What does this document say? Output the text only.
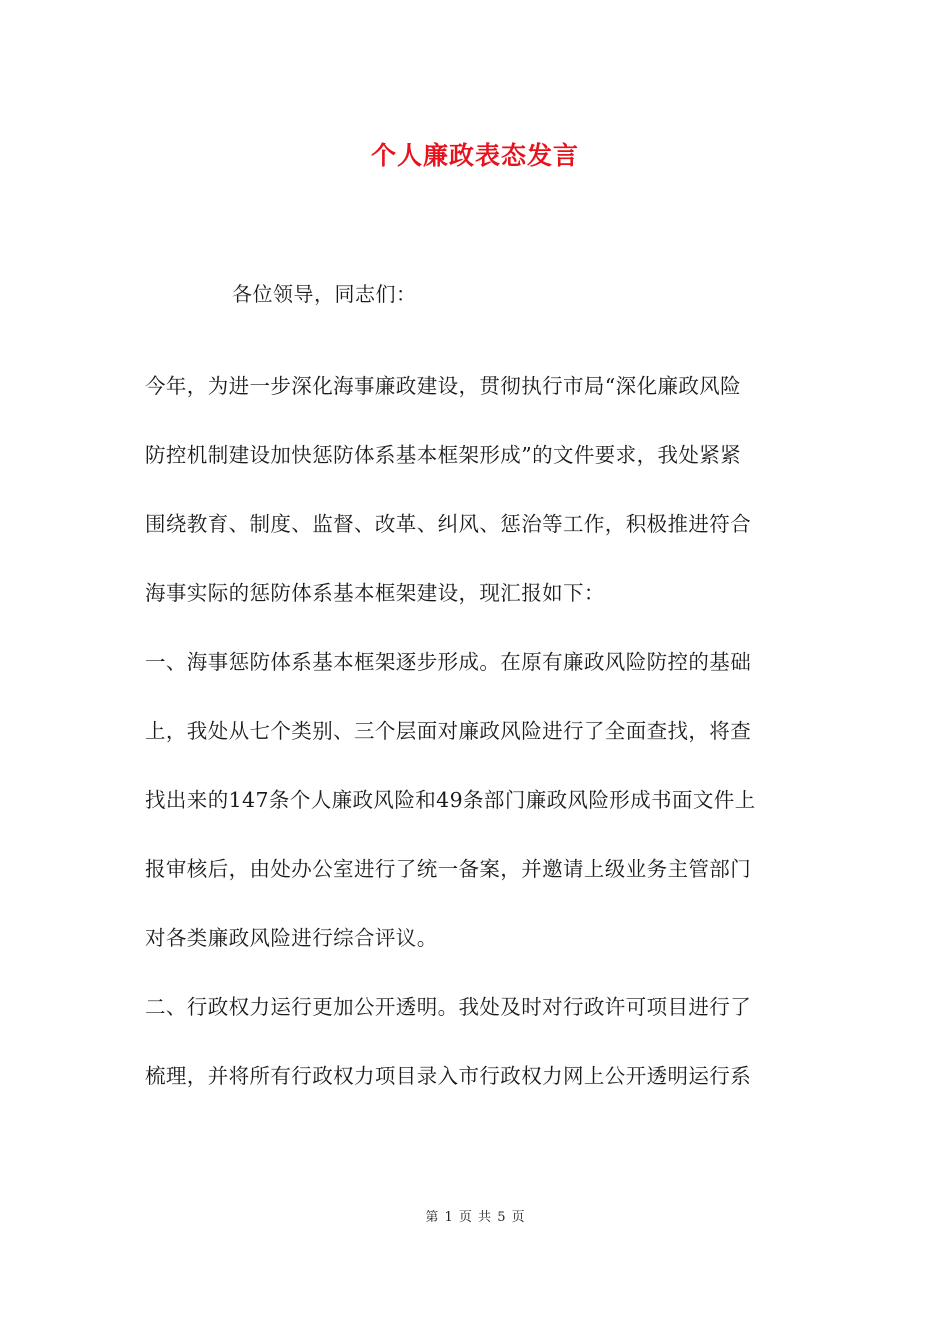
个人廉政表态发言
各位领导，同志们：
今年，为进一步深化海事廉政建设，贯彻执行市局“深化廉政风险
防控机制建设加快惩防体系基本框架形成”的文件要求，我处紧紧
围绕教育、制度、监督、改革、纠风、惩治等工作，积极推进符合
海事实际的惩防体系基本框架建设，现汇报如下：
一、海事惩防体系基本框架逐步形成。在原有廉政风险防控的基础
上，我处从七个类别、三个层面对廉政风险进行了全面查找，将查
找出来的147条个人廉政风险和49条部门廉政风险形成书面文件上
报审核后，由处办公室进行了统一备案，并邀请上级业务主管部门
对各类廉政风险进行综合评议。
二、行政权力运行更加公开透明。我处及时对行政许可项目进行了
梳理，并将所有行政权力项目录入市行政权力网上公开透明运行系
第 1 页 共 5 页
